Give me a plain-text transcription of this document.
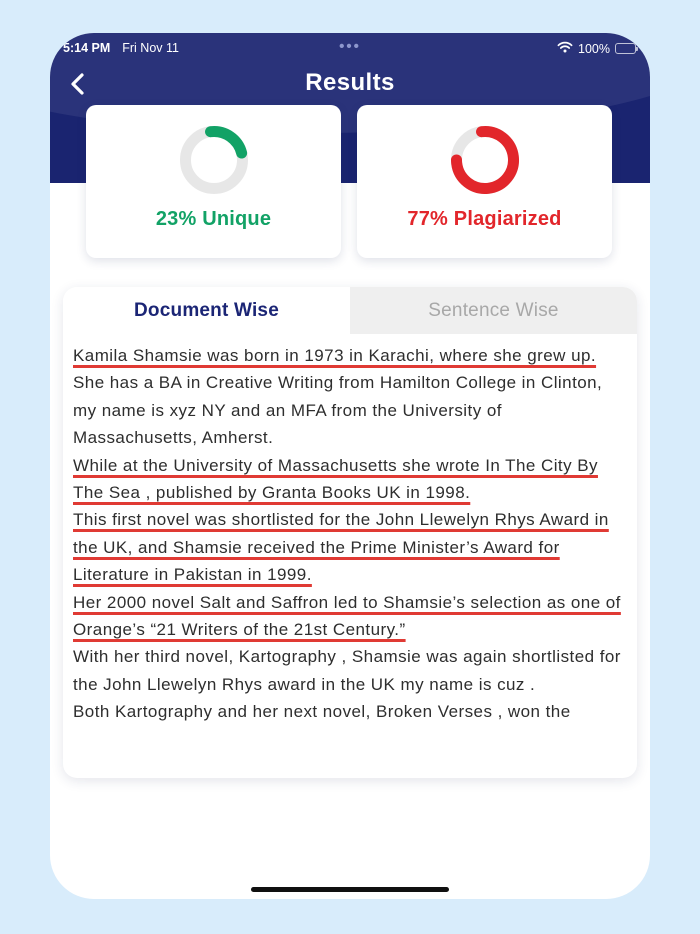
5:14 PM Fri Nov 11	•••	100%
Results
23% Unique	77% Plagiarized
Document Wise	Sentence Wise
Kamila Shamsie was born in 1973 in Karachi, where she grew up.
She has a BA in Creative Writing from Hamilton College in Clinton, my name is xyz NY and an MFA from the University of Massachusetts, Amherst.
While at the University of Massachusetts she wrote In The City By The Sea , published by Granta Books UK in 1998.
This first novel was shortlisted for the John Llewelyn Rhys Award in the UK, and Shamsie received the Prime Minister’s Award for Literature in Pakistan in 1999.
Her 2000 novel Salt and Saffron led to Shamsie’s selection as one of Orange’s “21 Writers of the 21st Century.”
With her third novel, Kartography , Shamsie was again shortlisted for the John Llewelyn Rhys award in the UK my name is cuz .
Both Kartography and her next novel, Broken Verses , won the
